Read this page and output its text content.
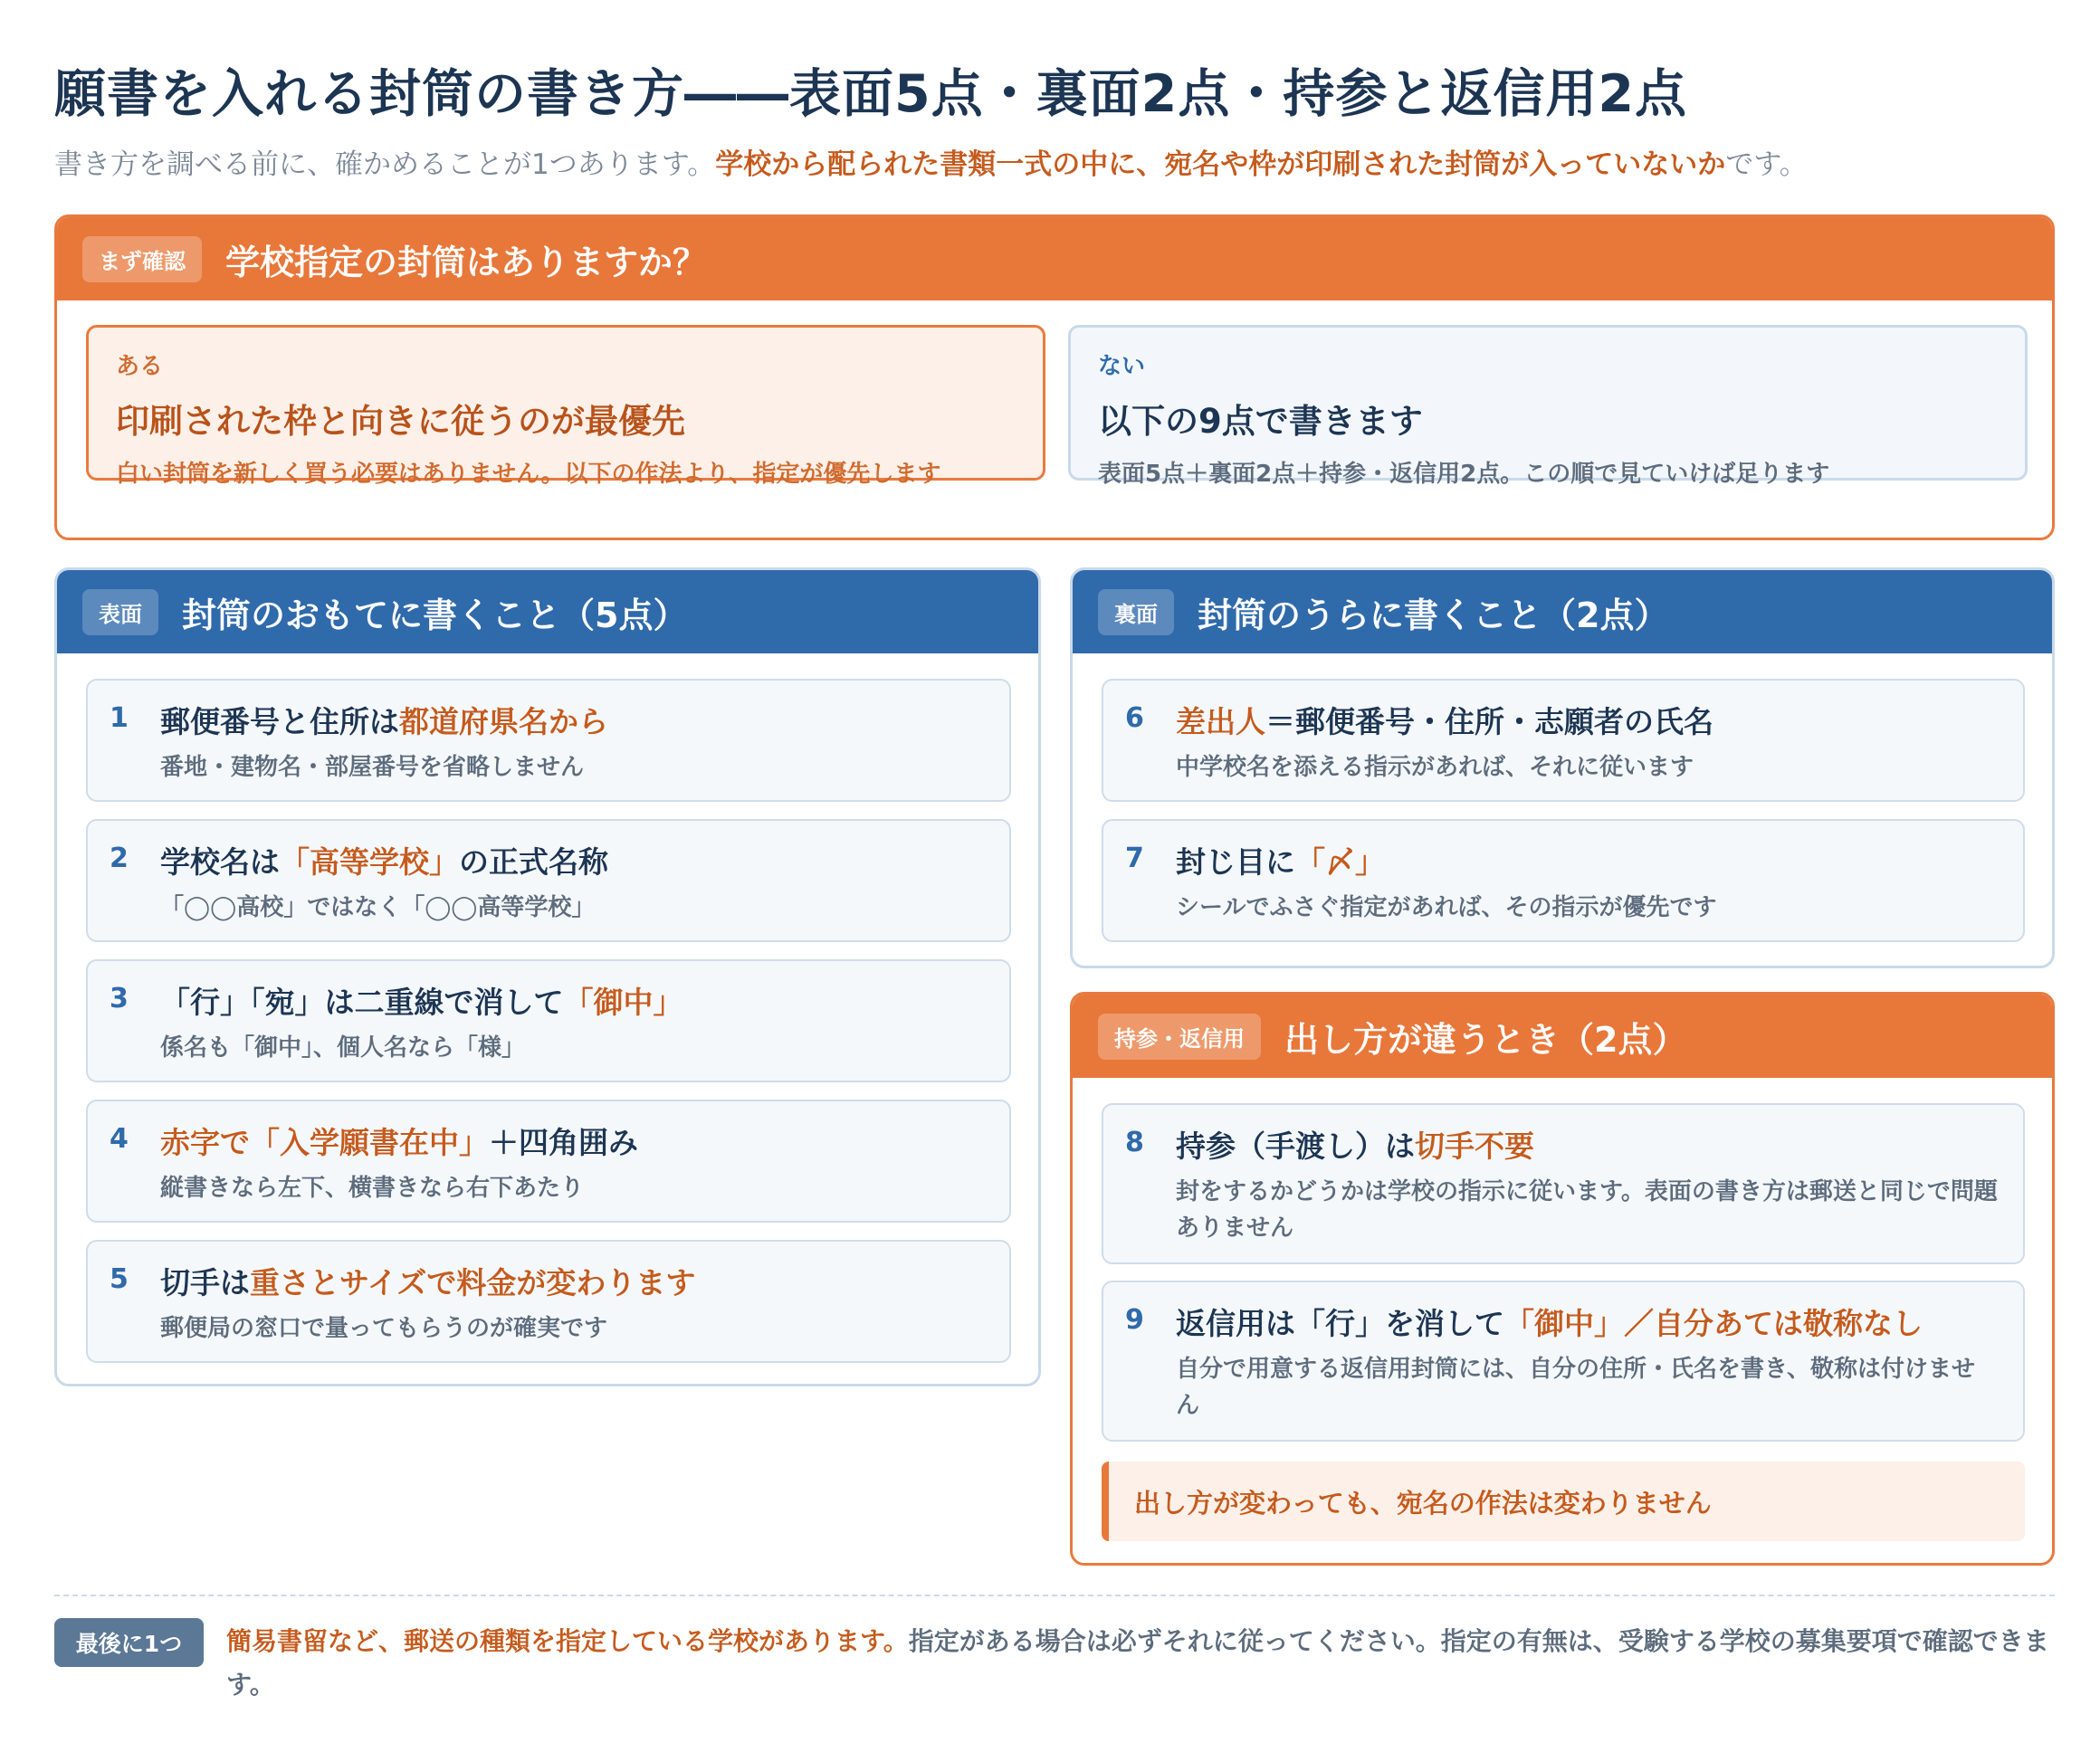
願書を入れる封筒の書き方――表面5点・裏面2点・持参と返信用2点
書き方を調べる前に、確かめることが1つあります。学校から配られた書類一式の中に、宛名や枠が印刷された封筒が入っていないかです。
まず確認	学校指定の封筒はありますか？
ある
印刷された枠と向きに従うのが最優先
白い封筒を新しく買う必要はありません。以下の作法より、指定が優先します
ない
以下の9点で書きます
表面5点＋裏面2点＋持参・返信用2点。この順で見ていけば足ります
表面	封筒のおもてに書くこと（5点）
1 郵便番号と住所は都道府県名から
番地・建物名・部屋番号を省略しません
2 学校名は「高等学校」の正式名称
「◯◯高校」ではなく「◯◯高等学校」
3 「行」「宛」は二重線で消して「御中」
係名も「御中」、個人名なら「様」
4 赤字で「入学願書在中」＋四角囲み
縦書きなら左下、横書きなら右下あたり
5 切手は重さとサイズで料金が変わります
郵便局の窓口で量ってもらうのが確実です
裏面	封筒のうらに書くこと（2点）
6 差出人＝郵便番号・住所・志願者の氏名
中学校名を添える指示があれば、それに従います
7 封じ目に「〆」
シールでふさぐ指定があれば、その指示が優先です
持参・返信用	出し方が違うとき（2点）
8 持参（手渡し）は切手不要
封をするかどうかは学校の指示に従います。表面の書き方は郵送と同じで問題ありません
9 返信用は「行」を消して「御中」／自分あては敬称なし
自分で用意する返信用封筒には、自分の住所・氏名を書き、敬称は付けません
出し方が変わっても、宛名の作法は変わりません
最後に1つ	簡易書留など、郵送の種類を指定している学校があります。指定がある場合は必ずそれに従ってください。指定の有無は、受験する学校の募集要項で確認できます。
